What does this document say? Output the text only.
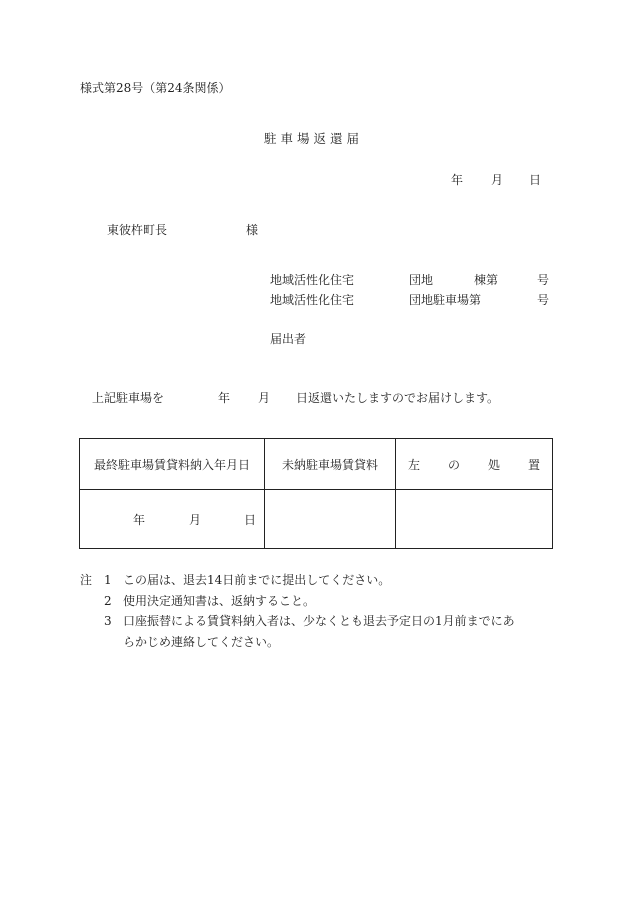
様式第28号（第24条関係）
駐車場返還届
年 月 日
東彼杵町長	様
地域活性化住宅	団地	棟第	号
地域活性化住宅	団地駐車場第	号
届出者
上記駐車場を	年 月 日返還いたしますのでお届けします。
最終駐車場賃貸料納入年月日	未納駐車場賃貸料	左 の 処 置

年 月 日		

注 1 この届は、退去14日前までに提出してください。
2 使用決定通知書は、返納すること。
3 口座振替による賃貸料納入者は、少なくとも退去予定日の1月前までにあ
らかじめ連絡してください。
